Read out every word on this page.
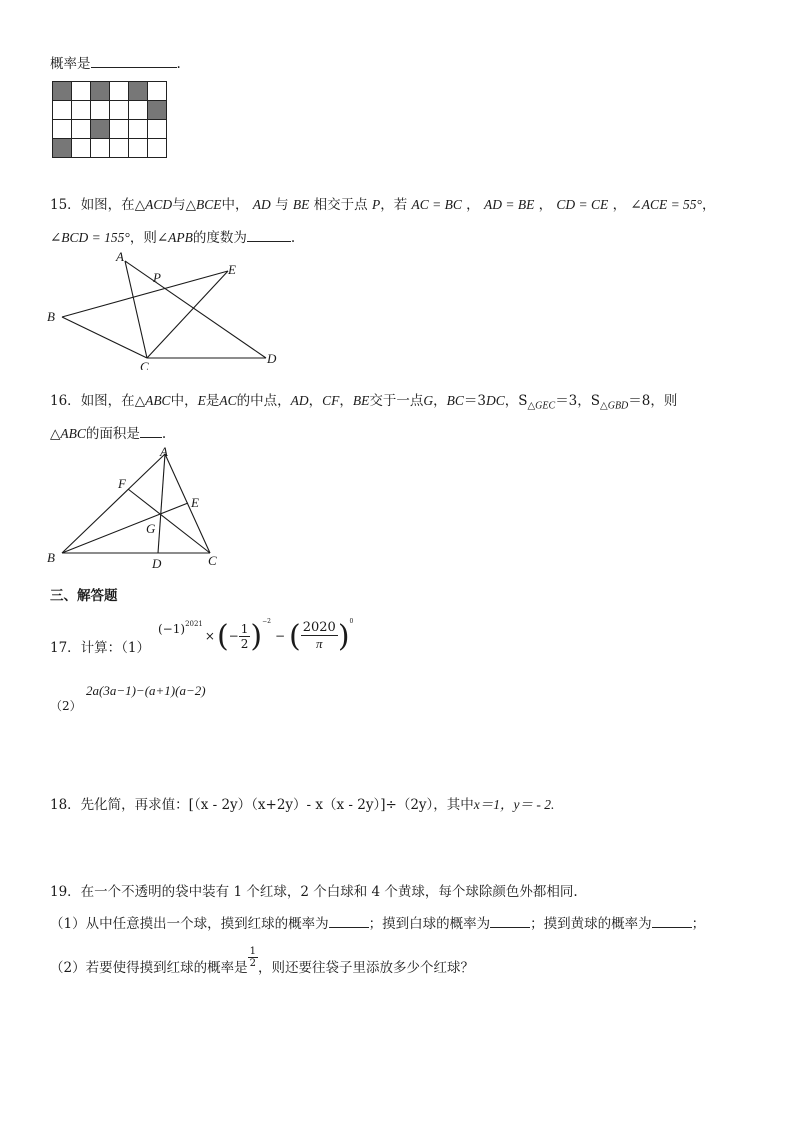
概率是	.

15．如图，在△ACD与△BCE中， AD 与 BE 相交于点 P，若 AC = BC ， AD = BE ， CD = CE ， ∠ACE = 55°，
∠BCD = 155°，则∠APB的度数为	.
A
P
E
B
C
D
16．如图，在△ABC中，E是AC的中点，AD，CF，BE交于一点G，BC＝3DC，$S_{\triangle GEC}=3$，$S_{\triangle GBD}=8$，则
△ABC的面积是 .
A
F
E
G
B	D	C
三、解答题
17．计算：（1）
$(-1)^{2021}$
× ( − $\frac{1}{2} )^{-2}$
− ( $\frac{2020}{\pi} )^0$
（2）
2a(3a−1)−(a+1)(a−2)
18．先化简，再求值：[（x - 2y）（x+2y）- x（x - 2y）]÷（2y），其中x＝1，y＝ - 2.
19．在一个不透明的袋中装有 1 个红球，2 个白球和 4 个黄球，每个球除颜色外都相同.
（1）从中任意摸出一个球，摸到红球的概率为	；摸到白球的概率为	；摸到黄球的概率为	；
（2）若要使得摸到红球的概率是 $\frac{1}{2}$ ，则还要往袋子里添放多少个红球？
